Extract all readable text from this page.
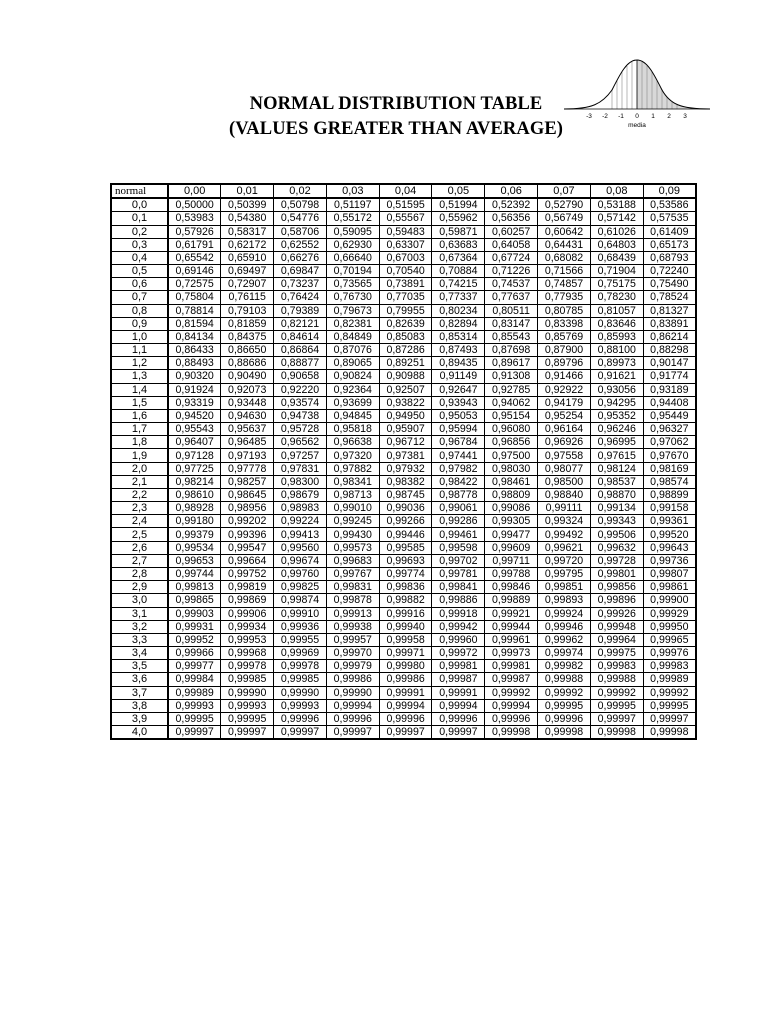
NORMAL DISTRIBUTION TABLE
(VALUES GREATER THAN AVERAGE)
-3 -2 -1 0 1 2 3
media
normal	0,00	0,01	0,02	0,03	0,04	0,05	0,06	0,07	0,08	0,09
0,0	0,50000	0,50399	0,50798	0,51197	0,51595	0,51994	0,52392	0,52790	0,53188	0,53586
0,1	0,53983	0,54380	0,54776	0,55172	0,55567	0,55962	0,56356	0,56749	0,57142	0,57535
0,2	0,57926	0,58317	0,58706	0,59095	0,59483	0,59871	0,60257	0,60642	0,61026	0,61409
0,3	0,61791	0,62172	0,62552	0,62930	0,63307	0,63683	0,64058	0,64431	0,64803	0,65173
0,4	0,65542	0,65910	0,66276	0,66640	0,67003	0,67364	0,67724	0,68082	0,68439	0,68793
0,5	0,69146	0,69497	0,69847	0,70194	0,70540	0,70884	0,71226	0,71566	0,71904	0,72240
0,6	0,72575	0,72907	0,73237	0,73565	0,73891	0,74215	0,74537	0,74857	0,75175	0,75490
0,7	0,75804	0,76115	0,76424	0,76730	0,77035	0,77337	0,77637	0,77935	0,78230	0,78524
0,8	0,78814	0,79103	0,79389	0,79673	0,79955	0,80234	0,80511	0,80785	0,81057	0,81327
0,9	0,81594	0,81859	0,82121	0,82381	0,82639	0,82894	0,83147	0,83398	0,83646	0,83891
1,0	0,84134	0,84375	0,84614	0,84849	0,85083	0,85314	0,85543	0,85769	0,85993	0,86214
1,1	0,86433	0,86650	0,86864	0,87076	0,87286	0,87493	0,87698	0,87900	0,88100	0,88298
1,2	0,88493	0,88686	0,88877	0,89065	0,89251	0,89435	0,89617	0,89796	0,89973	0,90147
1,3	0,90320	0,90490	0,90658	0,90824	0,90988	0,91149	0,91308	0,91466	0,91621	0,91774
1,4	0,91924	0,92073	0,92220	0,92364	0,92507	0,92647	0,92785	0,92922	0,93056	0,93189
1,5	0,93319	0,93448	0,93574	0,93699	0,93822	0,93943	0,94062	0,94179	0,94295	0,94408
1,6	0,94520	0,94630	0,94738	0,94845	0,94950	0,95053	0,95154	0,95254	0,95352	0,95449
1,7	0,95543	0,95637	0,95728	0,95818	0,95907	0,95994	0,96080	0,96164	0,96246	0,96327
1,8	0,96407	0,96485	0,96562	0,96638	0,96712	0,96784	0,96856	0,96926	0,96995	0,97062
1,9	0,97128	0,97193	0,97257	0,97320	0,97381	0,97441	0,97500	0,97558	0,97615	0,97670
2,0	0,97725	0,97778	0,97831	0,97882	0,97932	0,97982	0,98030	0,98077	0,98124	0,98169
2,1	0,98214	0,98257	0,98300	0,98341	0,98382	0,98422	0,98461	0,98500	0,98537	0,98574
2,2	0,98610	0,98645	0,98679	0,98713	0,98745	0,98778	0,98809	0,98840	0,98870	0,98899
2,3	0,98928	0,98956	0,98983	0,99010	0,99036	0,99061	0,99086	0,99111	0,99134	0,99158
2,4	0,99180	0,99202	0,99224	0,99245	0,99266	0,99286	0,99305	0,99324	0,99343	0,99361
2,5	0,99379	0,99396	0,99413	0,99430	0,99446	0,99461	0,99477	0,99492	0,99506	0,99520
2,6	0,99534	0,99547	0,99560	0,99573	0,99585	0,99598	0,99609	0,99621	0,99632	0,99643
2,7	0,99653	0,99664	0,99674	0,99683	0,99693	0,99702	0,99711	0,99720	0,99728	0,99736
2,8	0,99744	0,99752	0,99760	0,99767	0,99774	0,99781	0,99788	0,99795	0,99801	0,99807
2,9	0,99813	0,99819	0,99825	0,99831	0,99836	0,99841	0,99846	0,99851	0,99856	0,99861
3,0	0,99865	0,99869	0,99874	0,99878	0,99882	0,99886	0,99889	0,99893	0,99896	0,99900
3,1	0,99903	0,99906	0,99910	0,99913	0,99916	0,99918	0,99921	0,99924	0,99926	0,99929
3,2	0,99931	0,99934	0,99936	0,99938	0,99940	0,99942	0,99944	0,99946	0,99948	0,99950
3,3	0,99952	0,99953	0,99955	0,99957	0,99958	0,99960	0,99961	0,99962	0,99964	0,99965
3,4	0,99966	0,99968	0,99969	0,99970	0,99971	0,99972	0,99973	0,99974	0,99975	0,99976
3,5	0,99977	0,99978	0,99978	0,99979	0,99980	0,99981	0,99981	0,99982	0,99983	0,99983
3,6	0,99984	0,99985	0,99985	0,99986	0,99986	0,99987	0,99987	0,99988	0,99988	0,99989
3,7	0,99989	0,99990	0,99990	0,99990	0,99991	0,99991	0,99992	0,99992	0,99992	0,99992
3,8	0,99993	0,99993	0,99993	0,99994	0,99994	0,99994	0,99994	0,99995	0,99995	0,99995
3,9	0,99995	0,99995	0,99996	0,99996	0,99996	0,99996	0,99996	0,99996	0,99997	0,99997
4,0	0,99997	0,99997	0,99997	0,99997	0,99997	0,99997	0,99998	0,99998	0,99998	0,99998
